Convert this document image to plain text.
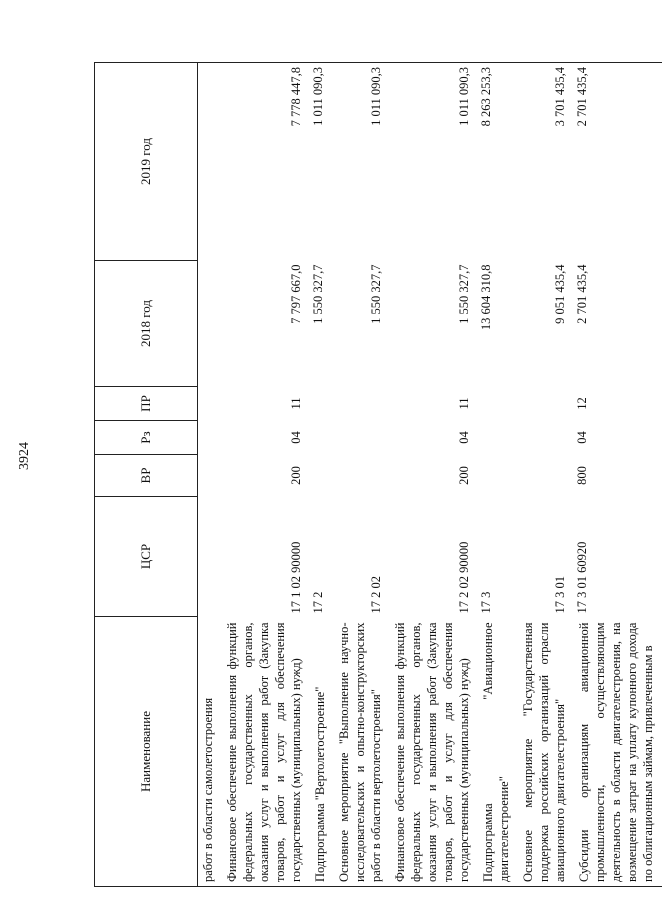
3924
Наименование	ЦСР	ВР	Рз	ПР	2018 год	2019 год
работ в области самолетостроения						
Финансовое обеспечение выполнения функций федеральных государственных органов, оказания услуг и выполнения работ (Закупка товаров, работ и услуг для обеспечения государственных (муниципальных) нужд)	17 1 02 90000	200	04	11	7 797 667,0	7 778 447,8
Подпрограмма "Вертолетостроение"	17 2				1 550 327,7	1 011 090,3
Основное мероприятие "Выполнение научно-исследовательских и опытно-конструкторских работ в области вертолетостроения"	17 2 02				1 550 327,7	1 011 090,3
Финансовое обеспечение выполнения функций федеральных государственных органов, оказания услуг и выполнения работ (Закупка товаров, работ и услуг для обеспечения государственных (муниципальных) нужд)	17 2 02 90000	200	04	11	1 550 327,7	1 011 090,3
Подпрограмма "Авиационное двигателестроение"	17 3				13 604 310,8	8 263 253,3
Основное мероприятие "Государственная поддержка российских организаций отрасли авиационного двигателестроения"	17 3 01				9 051 435,4	3 701 435,4
Субсидии организациям авиационной промышленности, осуществляющим деятельность в области двигателестроения, на возмещение затрат на уплату купонного дохода по облигационным займам, привлеченным в	17 3 01 60920	800	04	12	2 701 435,4	2 701 435,4
